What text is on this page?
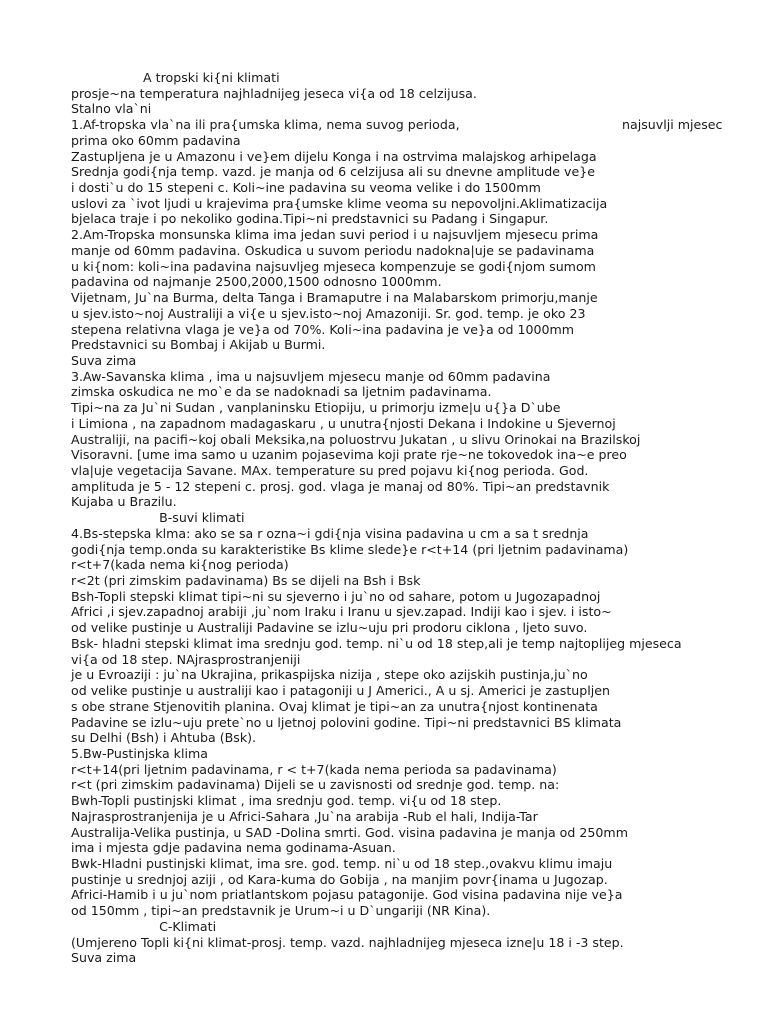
A tropski ki{ni klimati
prosje~na temperatura najhladnijeg jeseca vi{a od 18 celzijusa.
Stalno vla`ni
1.Af-tropska vla`na ili pra{umska klima, nema suvog perioda,
prima oko 60mm padavina
Zastupljena je u Amazonu i ve}em dijelu Konga i na ostrvima malajskog arhipelaga
Srednja godi{nja temp. vazd. je manja od 6 celzijusa ali su dnevne amplitude ve}e
i dosti`u do 15 stepeni c. Koli~ine padavina su veoma velike i do 1500mm
uslovi za `ivot ljudi u krajevima pra{umske klime veoma su nepovoljni.Aklimatizacija
bjelaca traje i po nekoliko godina.Tipi~ni predstavnici su Padang i Singapur.
2.Am-Tropska monsunska klima ima jedan suvi period i u najsuvljem mjesecu prima
manje od 60mm padavina. Oskudica u suvom periodu nadokna|uje se padavinama
u ki{nom: koli~ina padavina najsuvljeg mjeseca kompenzuje se godi{njom sumom
padavina od najmanje 2500,2000,1500 odnosno 1000mm.
Vijetnam, Ju`na Burma, delta Tanga i Bramaputre i na Malabarskom primorju,manje
u sjev.isto~noj Australiji a vi{e u sjev.isto~noj Amazoniji. Sr. god. temp. je oko 23
stepena relativna vlaga je ve}a od 70%. Koli~ina padavina je ve}a od 1000mm
Predstavnici su Bombaj i Akijab u Burmi.
Suva zima
3.Aw-Savanska klima , ima u najsuvljem mjesecu manje od 60mm padavina
zimska oskudica ne mo`e da se nadoknadi sa ljetnim padavinama.
Tipi~na za Ju`ni Sudan , vanplaninsku Etiopiju, u primorju izme|u u{}a D`ube
i Limiona , na zapadnom madagaskaru , u unutra{njosti Dekana i Indokine u Sjevernoj
Australiji, na pacifi~koj obali Meksika,na poluostrvu Jukatan , u slivu Orinokai na Brazilskoj
Visoravni. [ume ima samo u uzanim pojasevima koji prate rje~ne tokovedok ina~e preo
vla|uje vegetacija Savane. MAx. temperature su pred pojavu ki{nog perioda. God.
amplituda je 5 - 12 stepeni c. prosj. god. vlaga je manaj od 80%. Tipi~an predstavnik
Kujaba u Brazilu.
B-suvi klimati
4.Bs-stepska klma: ako se sa r ozna~i gdi{nja visina padavina u cm a sa t srednja
godi{nja temp.onda su karakteristike Bs klime slede}e r<t+14 (pri ljetnim padavinama)
r<t+7(kada nema ki{nog perioda)
r<2t (pri zimskim padavinama) Bs se dijeli na Bsh i Bsk
Bsh-Topli stepski klimat tipi~ni su sjeverno i ju`no od sahare, potom u Jugozapadnoj
Africi ,i sjev.zapadnoj arabiji ,ju`nom Iraku i Iranu u sjev.zapad. Indiji kao i sjev. i isto~
od velike pustinje u Australiji Padavine se izlu~uju pri prodoru ciklona , ljeto suvo.
Bsk- hladni stepski klimat ima srednju god. temp. ni`u od 18 step,ali je temp najtoplijeg mjeseca
vi{a od 18 step. NAjrasprostranjeniji
je u Evroaziji : ju`na Ukrajina, prikaspijska nizija , stepe oko azijskih pustinja,ju`no
od velike pustinje u australiji kao i patagoniji u J Americi., A u sj. Americi je zastupljen
s obe strane Stjenovitih planina. Ovaj klimat je tipi~an za unutra{njost kontinenata
Padavine se izlu~uju prete`no u ljetnoj polovini godine. Tipi~ni predstavnici BS klimata
su Delhi (Bsh) i Ahtuba (Bsk).
5.Bw-Pustinjska klima
r<t+14(pri ljetnim padavinama, r < t+7(kada nema perioda sa padavinama)
r<t (pri zimskim padavinama) Dijeli se u zavisnosti od srednje god. temp. na:
Bwh-Topli pustinjski klimat , ima srednju god. temp. vi{u od 18 step.
Najrasprostranjenija je u Africi-Sahara ,Ju`na arabija -Rub el hali, Indija-Tar
Australija-Velika pustinja, u SAD -Dolina smrti. God. visina padavina je manja od 250mm
ima i mjesta gdje padavina nema godinama-Asuan.
Bwk-Hladni pustinjski klimat, ima sre. god. temp. ni`u od 18 step.,ovakvu klimu imaju
pustinje u srednjoj aziji , od Kara-kuma do Gobija , na manjim povr{inama u Jugozap.
Africi-Hamib i u ju`nom priatlantskom pojasu patagonije. God visina padavina nije ve}a
od 150mm , tipi~an predstavnik je Urum~i u D`ungariji (NR Kina).
C-Klimati
(Umjereno Topli ki{ni klimat-prosj. temp. vazd. najhladnijeg mjeseca izne|u 18 i -3 step.
Suva zima
najsuvlji mjesec
